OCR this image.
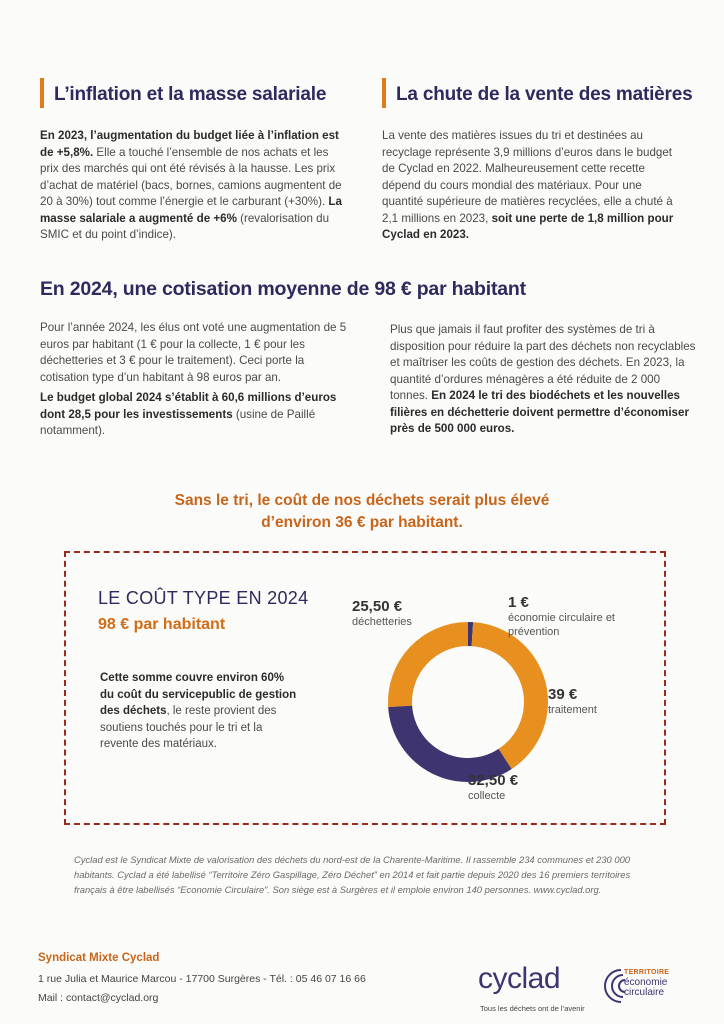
L’inflation et la masse salariale
En 2023, l’augmentation du budget liée à l’inflation est de +5,8%. Elle a touché l’ensemble de nos achats et les prix des marchés qui ont été révisés à la hausse. Les prix d’achat de matériel (bacs, bornes, camions augmentent de 20 à 30%) tout comme l’énergie et le carburant (+30%). La masse salariale a augmenté de +6% (revalorisation du SMIC et du point d’indice).
La chute de la vente des matières
La vente des matières issues du tri et destinées au recyclage représente 3,9 millions d’euros dans le budget de Cyclad en 2022. Malheureusement cette recette dépend du cours mondial des matériaux. Pour une quantité supérieure de matières recyclées, elle a chuté à 2,1 millions en 2023, soit une perte de 1,8 million pour Cyclad en 2023.
En 2024, une cotisation moyenne de 98 € par habitant
Pour l’année 2024, les élus ont voté une augmentation de 5 euros par habitant (1 € pour la collecte, 1 € pour les déchetteries et 3 € pour le traitement). Ceci porte la cotisation type d’un habitant à 98 euros par an.
Le budget global 2024 s’établit à 60,6 millions d’euros dont 28,5 pour les investissements (usine de Paillé notamment).
Plus que jamais il faut profiter des systèmes de tri à disposition pour réduire la part des déchets non recyclables et maîtriser les coûts de gestion des déchets. En 2023, la quantité d’ordures ménagères a été réduite de 2 000 tonnes. En 2024 le tri des biodéchets et les nouvelles filières en déchetterie doivent permettre d’économiser près de 500 000 euros.
Sans le tri, le coût de nos déchets serait plus élevé
d’environ 36 € par habitant.
LE COÛT TYPE EN 2024
98 € par habitant
Cette somme couvre environ 60% du coût du servicepublic de gestion des déchets, le reste provient des soutiens touchés pour le tri et la revente des matériaux.
25,50 €
déchetteries
1 €
économie circulaire et prévention
39 €
traitement
32,50 €
collecte
Cyclad est le Syndicat Mixte de valorisation des déchets du nord-est de la Charente-Maritime. Il rassemble 234 communes et 230 000 habitants. Cyclad a été labellisé “Territoire Zéro Gaspillage, Zéro Déchet” en 2014 et fait partie depuis 2020 des 16 premiers territoires français à être labellisés “Economie Circulaire”. Son siège est à Surgères et il emploie environ 140 personnes. www.cyclad.org.
Syndicat Mixte Cyclad
1 rue Julia et Maurice Marcou - 17700 Surgères - Tél. : 05 46 07 16 66
Mail : contact@cyclad.org
cyclad
Tous les déchets ont de l’avenir
TERRITOIRE
économie
circulaire
